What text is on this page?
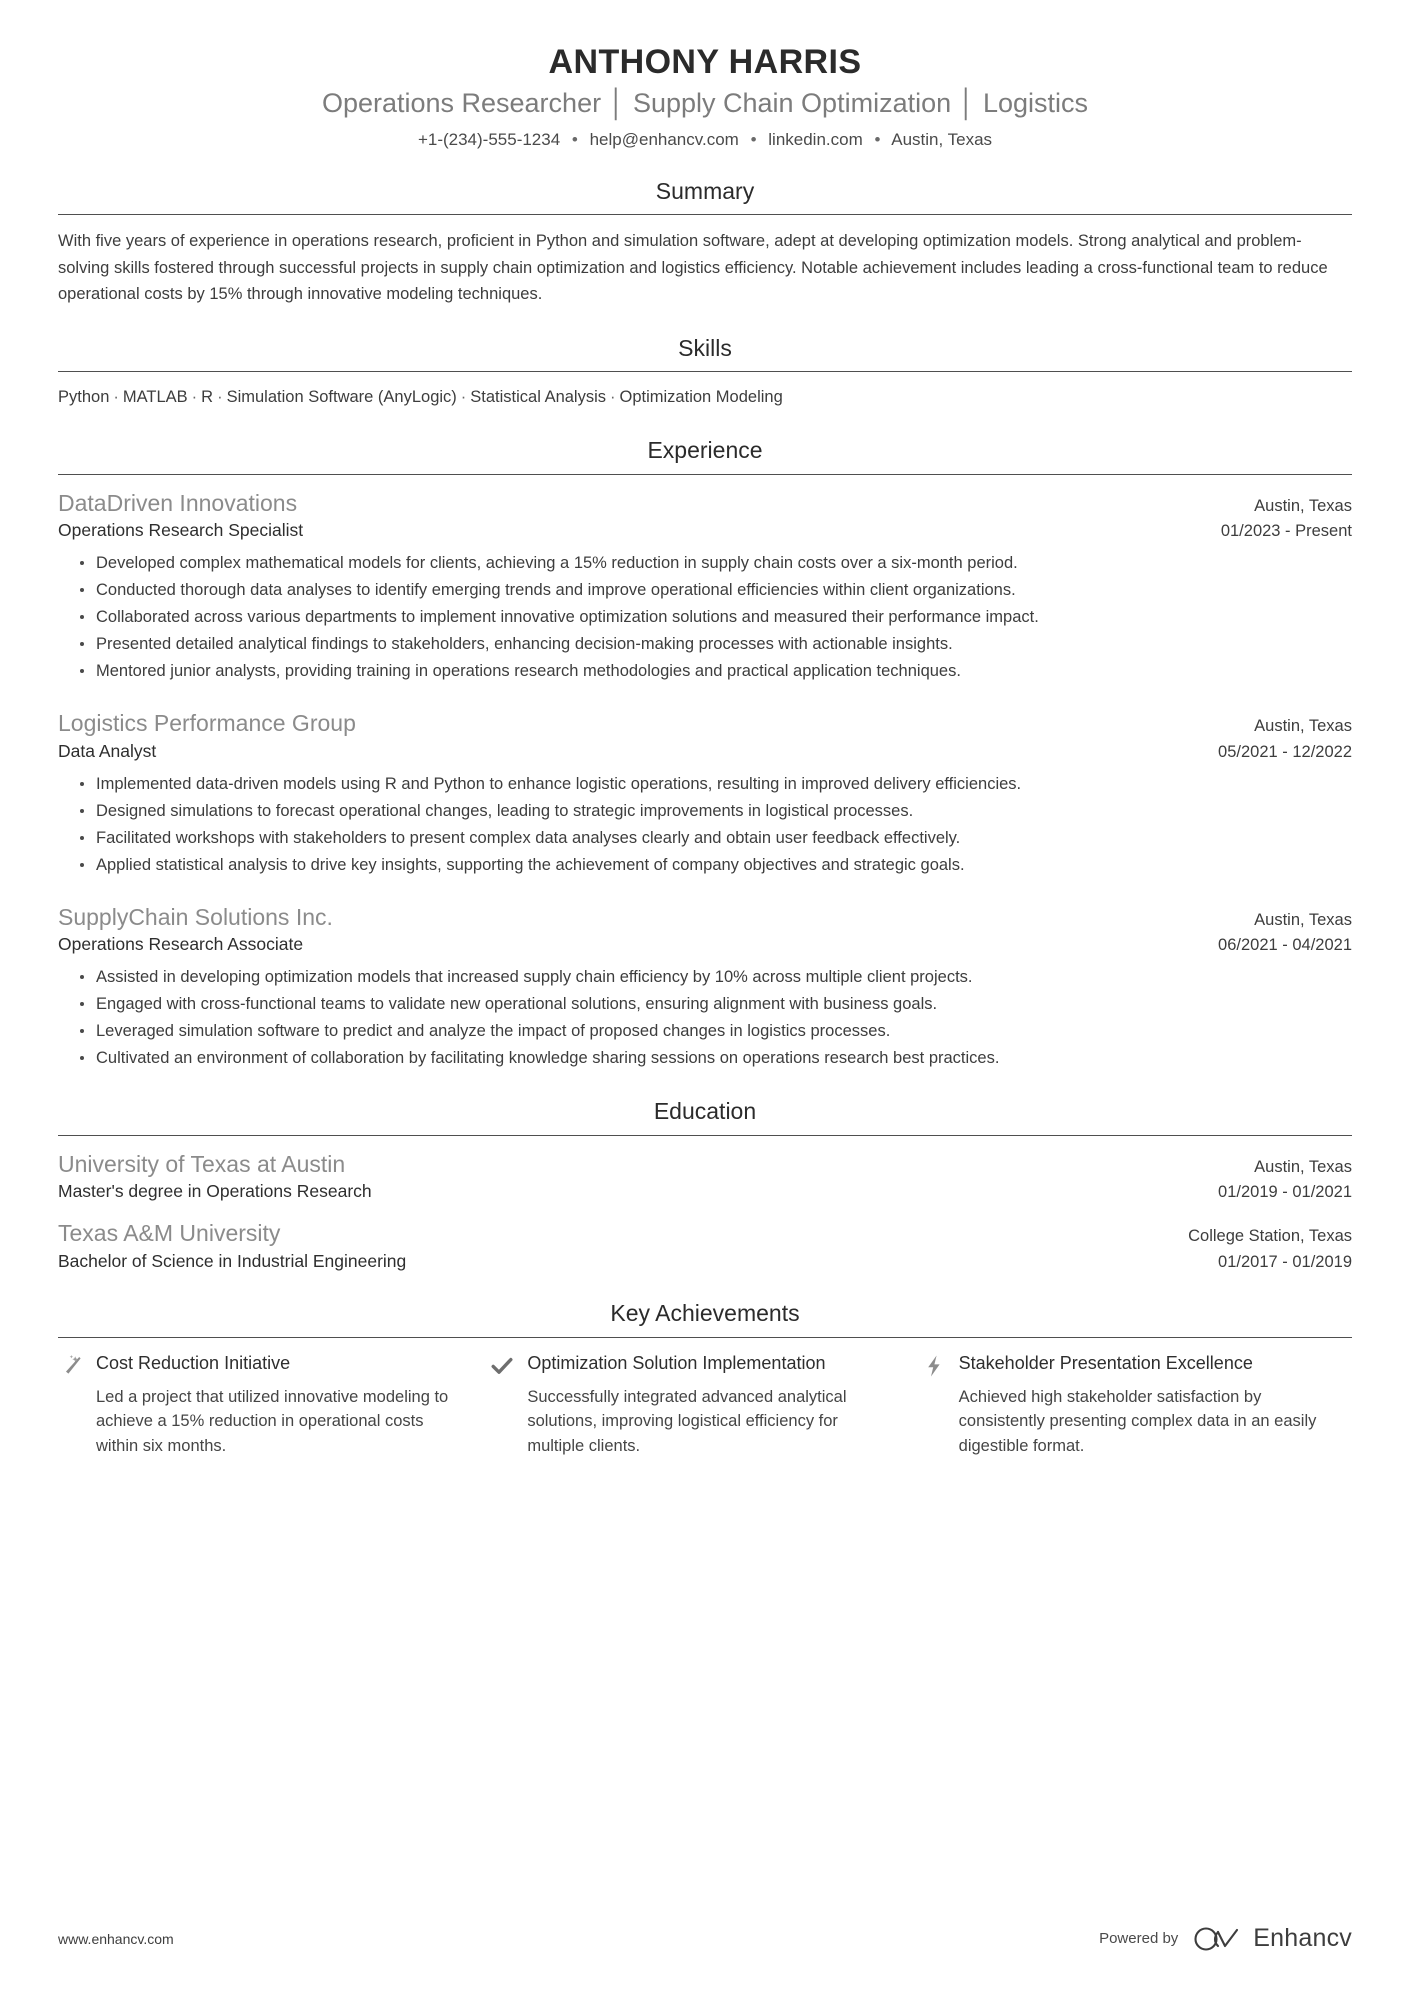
ANTHONY HARRIS
Operations Researcher │ Supply Chain Optimization │ Logistics
+1-(234)-555-1234 • help@enhancv.com • linkedin.com • Austin, Texas
Summary

With five years of experience in operations research, proficient in Python and simulation software, adept at developing optimization models. Strong analytical and problem-solving skills fostered through successful projects in supply chain optimization and logistics efficiency. Notable achievement includes leading a cross-functional team to reduce operational costs by 15% through innovative modeling techniques.

Skills
Python · MATLAB · R · Simulation Software (AnyLogic) · Statistical Analysis · Optimization Modeling
Experience
DataDriven Innovations	Austin, Texas
Operations Research Specialist	01/2023 - Present
Developed complex mathematical models for clients, achieving a 15% reduction in supply chain costs over a six-month period.
Conducted thorough data analyses to identify emerging trends and improve operational efficiencies within client organizations.
Collaborated across various departments to implement innovative optimization solutions and measured their performance impact.
Presented detailed analytical findings to stakeholders, enhancing decision-making processes with actionable insights.
Mentored junior analysts, providing training in operations research methodologies and practical application techniques.
Logistics Performance Group	Austin, Texas
Data Analyst	05/2021 - 12/2022
Implemented data-driven models using R and Python to enhance logistic operations, resulting in improved delivery efficiencies.
Designed simulations to forecast operational changes, leading to strategic improvements in logistical processes.
Facilitated workshops with stakeholders to present complex data analyses clearly and obtain user feedback effectively.
Applied statistical analysis to drive key insights, supporting the achievement of company objectives and strategic goals.
SupplyChain Solutions Inc.	Austin, Texas
Operations Research Associate	06/2021 - 04/2021
Assisted in developing optimization models that increased supply chain efficiency by 10% across multiple client projects.
Engaged with cross-functional teams to validate new operational solutions, ensuring alignment with business goals.
Leveraged simulation software to predict and analyze the impact of proposed changes in logistics processes.
Cultivated an environment of collaboration by facilitating knowledge sharing sessions on operations research best practices.
Education
University of Texas at Austin	Austin, Texas
Master's degree in Operations Research	01/2019 - 01/2021
Texas A&M University	College Station, Texas
Bachelor of Science in Industrial Engineering	01/2017 - 01/2019
Key Achievements
Cost Reduction Initiative
Led a project that utilized innovative modeling to achieve a 15% reduction in operational costs within six months.
Optimization Solution Implementation
Successfully integrated advanced analytical solutions, improving logistical efficiency for multiple clients.
Stakeholder Presentation Excellence
Achieved high stakeholder satisfaction by consistently presenting complex data in an easily digestible format.
www.enhancv.com	Powered by	Enhancv
